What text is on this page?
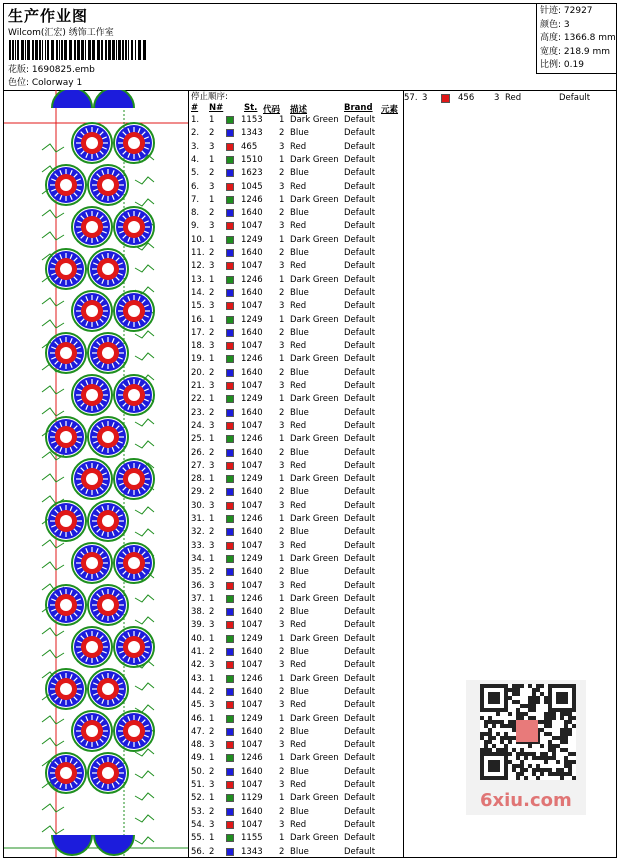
生产作业图
Wilcom(汇宏) 绣饰工作室
花版: 1690825.emb
色位: Colorway 1
针迹: 72927
颜色: 3
高度: 1366.8 mm
宽度: 218.9 mm
比例: 0.19
停止顺序:
# N# St. 代码 描述	Brand 元素
1. 1	1153 1 Dark Green Default
2. 2	1343 2 Blue	Default
3. 3	465	3 Red	Default
4. 1	1510 1 Dark Green Default
5. 2	1623 2 Blue	Default
6. 3	1045 3 Red	Default
7. 1	1246 1 Dark Green Default
8. 2	1640 2 Blue	Default
9. 3	1047 3 Red	Default
10. 1	1249 1 Dark Green Default
11. 2	1640 2 Blue	Default
12. 3	1047 3 Red	Default
13. 1	1246 1 Dark Green Default
14. 2	1640 2 Blue	Default
15. 3	1047 3 Red	Default
16. 1	1249 1 Dark Green Default
17. 2	1640 2 Blue	Default
18. 3	1047 3 Red	Default
19. 1	1246 1 Dark Green Default
20. 2	1640 2 Blue	Default
21. 3	1047 3 Red	Default
22. 1	1249 1 Dark Green Default
23. 2	1640 2 Blue	Default
24. 3	1047 3 Red	Default
25. 1	1246 1 Dark Green Default
26. 2	1640 2 Blue	Default
27. 3	1047 3 Red	Default
28. 1	1249 1 Dark Green Default
29. 2	1640 2 Blue	Default
30. 3	1047 3 Red	Default
31. 1	1246 1 Dark Green Default
32. 2	1640 2 Blue	Default
33. 3	1047 3 Red	Default
34. 1	1249 1 Dark Green Default
35. 2	1640 2 Blue	Default
36. 3	1047 3 Red	Default
37. 1	1246 1 Dark Green Default
38. 2	1640 2 Blue	Default
39. 3	1047 3 Red	Default
40. 1	1249 1 Dark Green Default
41. 2	1640 2 Blue	Default
42. 3	1047 3 Red	Default
43. 1	1246 1 Dark Green Default
44. 2	1640 2 Blue	Default
45. 3	1047 3 Red	Default
46. 1	1249 1 Dark Green Default
47. 2	1640 2 Blue	Default
48. 3	1047 3 Red	Default
49. 1	1246 1 Dark Green Default
50. 2	1640 2 Blue	Default
51. 3	1047 3 Red	Default
52. 1	1129 1 Dark Green Default
53. 2	1640 2 Blue	Default
54. 3	1047 3 Red	Default
55. 1	1155 1 Dark Green Default
56. 2	1343 2 Blue	Default
57. 3	456 3 Red	Default
6xiu.com
